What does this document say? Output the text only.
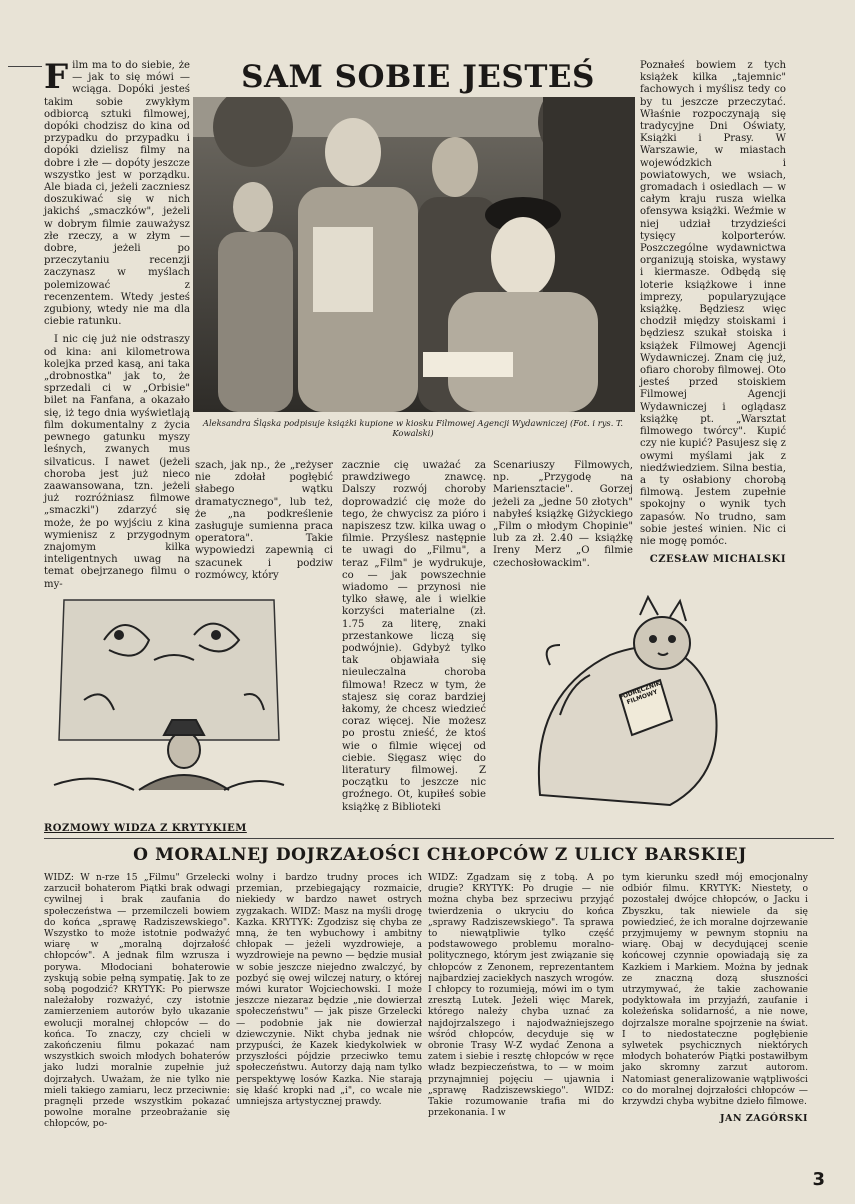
Film ma to do siebie, że — jak to się mówi — wciąga. Dopóki jesteś takim sobie zwykłym odbiorcą sztuki filmowej, dopóki chodzisz do kina od przypadku do przypadku i dopóki dzielisz filmy na dobre i złe — dopóty jeszcze wszystko jest w porządku. Ale biada ci, jeżeli zaczniesz doszukiwać się w nich jakichś „smaczków", jeżeli w dobrym filmie zauważysz złe rzeczy, a w złym — dobre, jeżeli po przeczytaniu recenzji zaczynasz w myślach polemizować z recenzentem. Wtedy jesteś zgubiony, wtedy nie ma dla ciebie ratunku.

I nic cię już nie odstraszy od kina: ani kilometrowa kolejka przed kasą, ani taka „drobnostka" jak to, że sprzedali ci w „Orbisie" bilet na Fanfana, a okazało się, iż tego dnia wyświetlają film dokumentalny z życia pewnego gatunku myszy leśnych, zwanych mus silvaticus. I nawet (jeżeli choroba jest już nieco zaawansowana, tzn. jeżeli już rozróżniasz filmowe „smaczki") zdarzyć się może, że po wyjściu z kina wymienisz z przygodnym znajomym kilka inteligentnych uwag na temat obejrzanego filmu o my-

SAM SOBIE JESTEŚ
Aleksandra Śląska podpisuje książki kupione w kiosku Filmowej Agencji Wydawniczej (Fot. i rys. T. Kowalski)
szach, jak np., że „reżyser nie zdołał pogłębić słabego wątku dramatycznego", lub też, że „na podkreślenie zasługuje sumienna praca operatora". Takie wypowiedzi zapewnią ci szacunek i podziw rozmówcy, który
zacznie cię uważać za prawdziwego znawcę. Dalszy rozwój choroby doprowadzić cię może do tego, że chwycisz za pióro i napiszesz tzw. kilka uwag o filmie. Przyślesz następnie te uwagi do „Filmu", a teraz „Film" je wydrukuje, co — jak powszechnie wiadomo — przynosi nie tylko sławę, ale i wielkie korzyści materialne (zł. 1.75 za literę, znaki przestankowe liczą się podwójnie). Gdybyż tylko tak objawiała się nieuleczalna choroba filmowa! Rzecz w tym, że stajesz się coraz bardziej łakomy, że chcesz wiedzieć coraz więcej. Nie możesz po prostu znieść, że ktoś wie o filmie więcej od ciebie. Sięgasz więc do literatury filmowej. Z początku to jeszcze nic groźnego. Ot, kupiłeś sobie książkę z Biblioteki
Scenariuszy Filmowych, np. „Przygodę na Mariensztacie". Gorzej jeżeli za „jedne 50 złotych" nabyłeś książkę Giżyckiego „Film o młodym Chopinie" lub za zł. 2.40 — książkę Ireny Merz „O filmie czechosłowackim".

Poznałeś bowiem z tych książek kilka „tajemnic" fachowych i myślisz tedy co by tu jeszcze przeczytać. Właśnie rozpoczynają się tradycyjne Dni Oświaty, Książki i Prasy. W Warszawie, w miastach wojewódzkich i powiatowych, we wsiach, gromadach i osiedlach — w całym kraju rusza wielka ofensywa książki. Weźmie w niej udział trzydzieści tysięcy kolporterów. Poszczególne wydawnictwa organizują stoiska, wystawy i kiermasze. Odbędą się loterie książkowe i inne imprezy, popularyzujące książkę. Będziesz więc chodził między stoiskami i będziesz szukał stoiska i książek Filmowej Agencji Wydawniczej. Znam cię już, ofiaro choroby filmowej. Oto jesteś przed stoiskiem Filmowej Agencji Wydawniczej i oglądasz książkę pt. „Warsztat filmowego twórcy". Kupić czy nie kupić? Pasujesz się z owymi myślami jak z niedźwiedziem. Silna bestia, a ty osłabiony chorobą filmową. Jestem zupełnie spokojny o wynik tych zapasów. No trudno, sam sobie jesteś winien. Nic ci nie mogę pomóc.

CZESŁAW MICHALSKI
PODRĘCZNIK FILMOWY
ROZMOWY WIDZA Z KRYTYKIEM
O MORALNEJ DOJRZAŁOŚCI CHŁOPCÓW Z ULICY BARSKIEJ
WIDZ: W n-rze 15 „Filmu" Grzelecki zarzucił bohaterom Piątki brak odwagi cywilnej i brak zaufania do społeczeństwa — przemilczeli bowiem do końca „sprawę Radziszewskiego". Wszystko to może istotnie podważyć wiarę w „moralną dojrzałość chłopców". A jednak film wzrusza i porywa. Młodociani bohaterowie zyskują sobie pełną sympatię. Jak to ze sobą pogodzić? KRYTYK: Po pierwsze należałoby rozważyć, czy istotnie zamierzeniem autorów było ukazanie ewolucji moralnej chłopców — do końca. To znaczy, czy chcieli w zakończeniu filmu pokazać nam wszystkich swoich młodych bohaterów jako ludzi moralnie zupełnie już dojrzałych. Uważam, że nie tylko nie mieli takiego zamiaru, lecz przeciwnie: pragnęli przede wszystkim pokazać powolne moralne przeobrażanie się chłopców, po-
wolny i bardzo trudny proces ich przemian, przebiegający rozmaicie, niekiedy w bardzo nawet ostrych zygzakach. WIDZ: Masz na myśli drogę Kazka. KRYTYK: Zgodzisz się chyba ze mną, że ten wybuchowy i ambitny chłopak — jeżeli wyzdrowieje, a wyzdrowieje na pewno — będzie musiał w sobie jeszcze niejedno zwalczyć, by pozbyć się owej wilczej natury, o której mówi kurator Wojciechowski. I może jeszcze niezaraz będzie „nie dowierzał społeczeństwu" — jak pisze Grzelecki — podobnie jak nie dowierzał dziewczynie. Nikt chyba jednak nie przypuści, że Kazek kiedykolwiek w przyszłości pójdzie przeciwko temu społeczeństwu. Autorzy dają nam tylko perspektywę losów Kazka. Nie starają się kłaść kropki nad „i", co wcale nie umniejsza artystycznej prawdy.
WIDZ: Zgadzam się z tobą. A po drugie? KRYTYK: Po drugie — nie można chyba bez sprzeciwu przyjąć twierdzenia o ukryciu do końca „sprawy Radziszewskiego". Ta sprawa to niewątpliwie tylko część podstawowego problemu moralno-politycznego, którym jest związanie się chłopców z Zenonem, reprezentantem najbardziej zaciekłych naszych wrogów. I chłopcy to rozumieją, mówi im o tym zresztą Lutek. Jeżeli więc Marek, którego należy chyba uznać za najdojrzalszego i najodważniejszego wśród chłopców, decyduje się w obronie Trasy W-Z wydać Zenona a zatem i siebie i resztę chłopców w ręce władz bezpieczeństwa, to — w moim przynajmniej pojęciu — ujawnia i „sprawę Radziszewskiego". WIDZ: Takie rozumowanie trafia mi do przekonania. I w

tym kierunku szedł mój emocjonalny odbiór filmu. KRYTYK: Niestety, o pozostałej dwójce chłopców, o Jacku i Zbyszku, tak niewiele da się powiedzieć, że ich moralne dojrzewanie przyjmujemy w pewnym stopniu na wiarę. Obaj w decydującej scenie końcowej czynnie opowiadają się za Kazkiem i Markiem. Można by jednak ze znaczną dozą słuszności utrzymywać, że takie zachowanie podyktowała im przyjaźń, zaufanie i koleżeńska solidarność, a nie nowe, dojrzalsze moralne spojrzenie na świat. I to niedostateczne pogłębienie sylwetek psychicznych niektórych młodych bohaterów Piątki postawiłbym jako skromny zarzut autorom. Natomiast generalizowanie wątpliwości co do moralnej dojrzałości chłopców — krzywdzi chyba wybitne dzieło filmowe.

JAN ZAGÓRSKI
3
